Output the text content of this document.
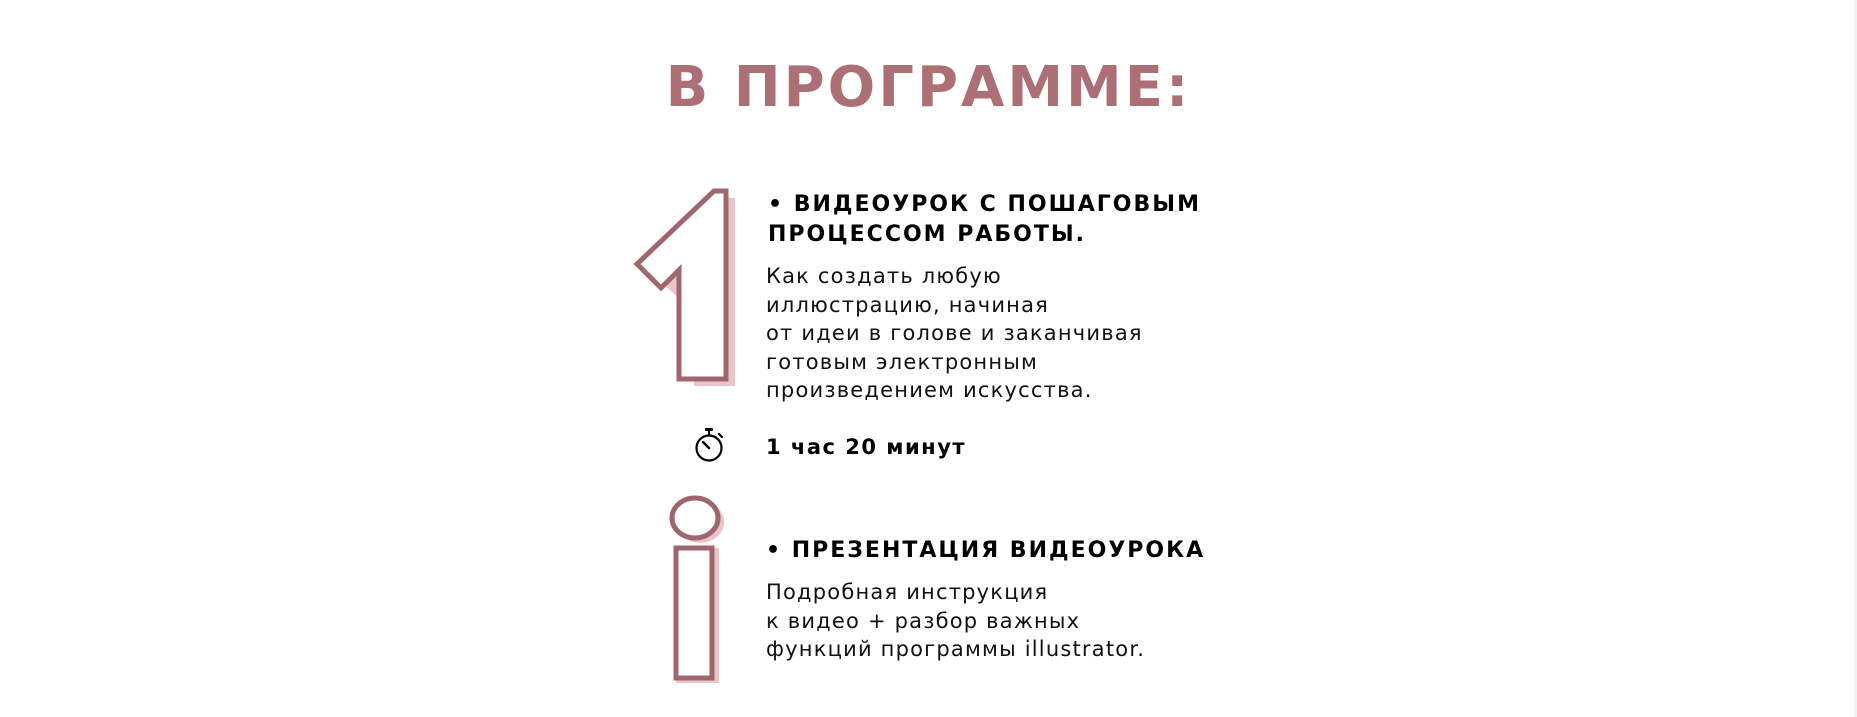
В ПРОГРАММЕ:
• ВИДЕОУРОК С ПОШАГОВЫМ
ПРОЦЕССОМ РАБОТЫ.
Как создать любую
иллюстрацию, начиная
от идеи в голове и заканчивая
готовым электронным
произведением искусства.
1 час 20 минут
• ПРЕЗЕНТАЦИЯ ВИДЕОУРОКА
Подробная инструкция
к видео + разбор важных
функций программы illustrator.
